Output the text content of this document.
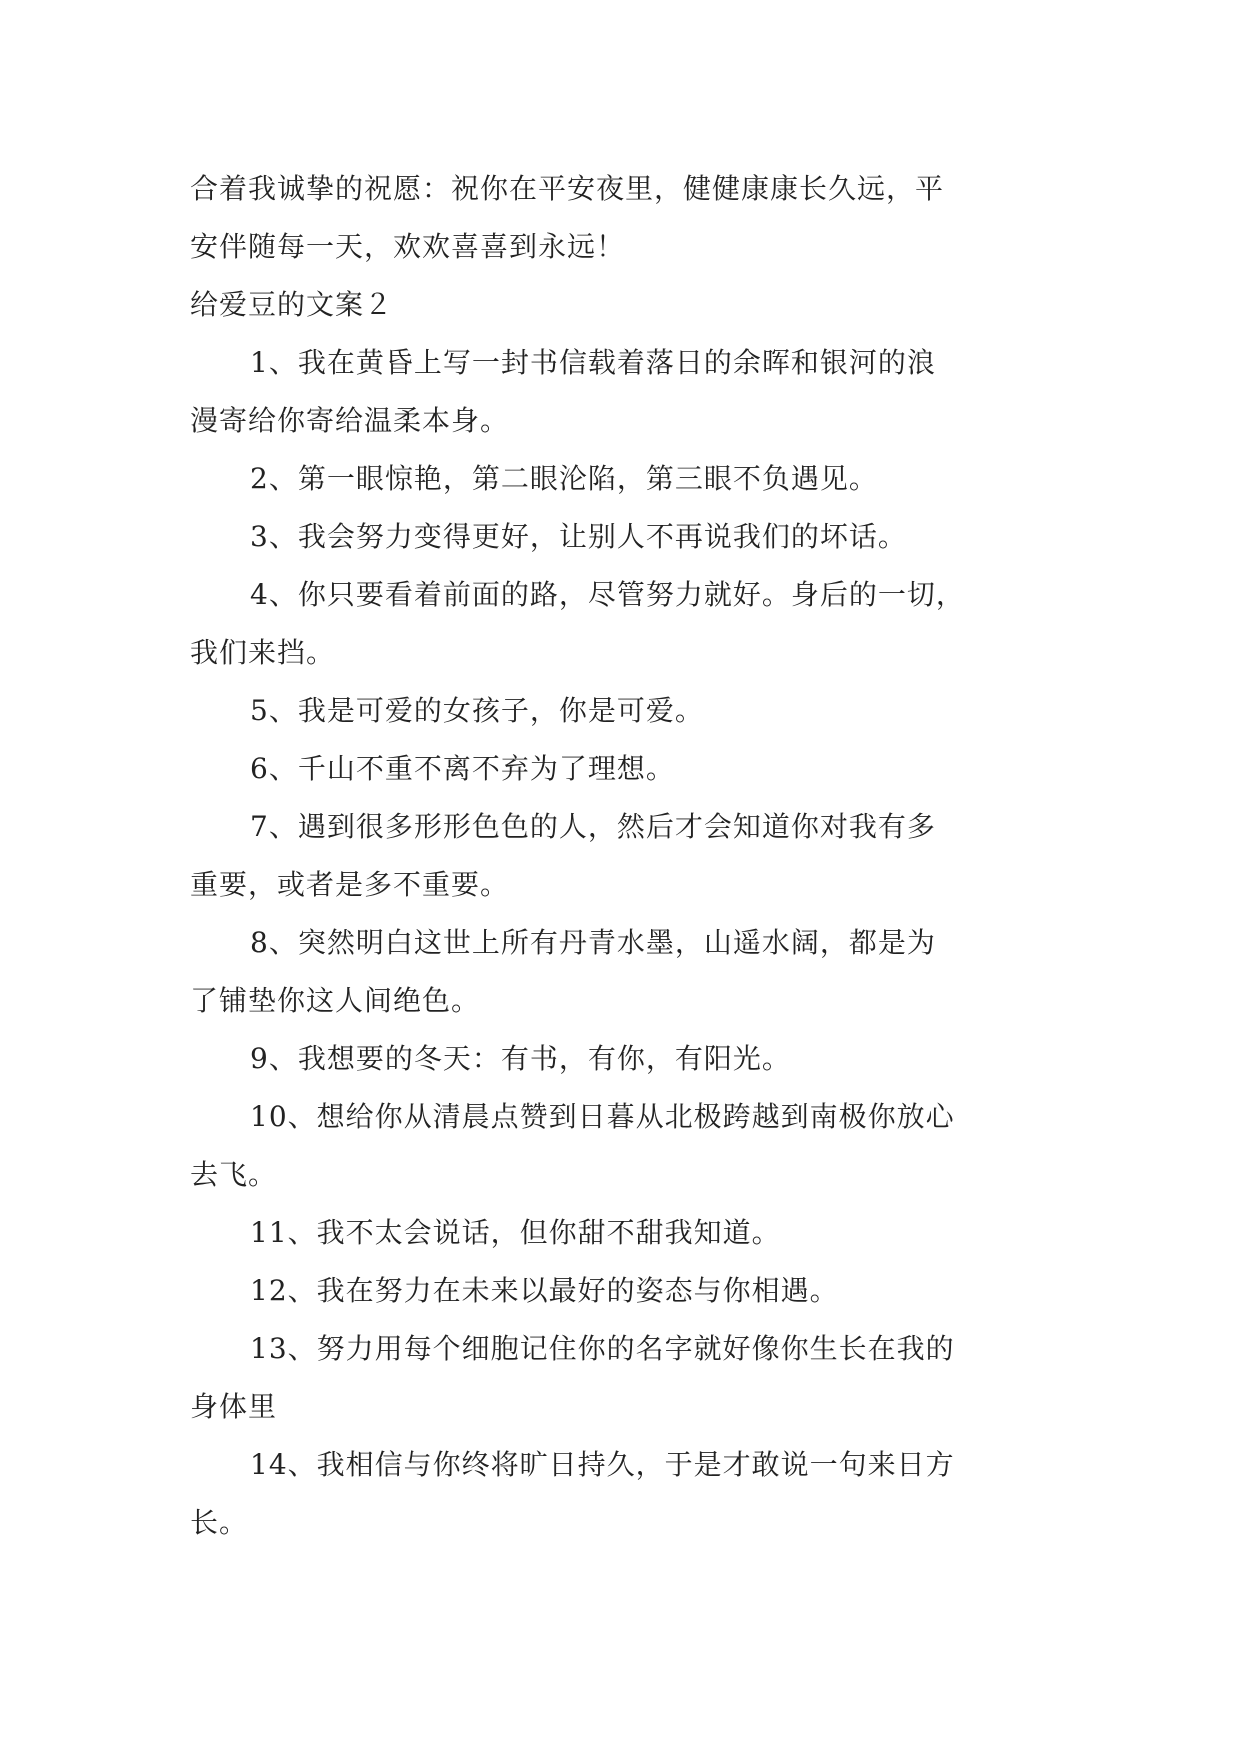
合着我诚挚的祝愿：祝你在平安夜里，健健康康长久远，平
安伴随每一天，欢欢喜喜到永远！
给爱豆的文案２
1、我在黄昏上写一封书信载着落日的余晖和银河的浪
漫寄给你寄给温柔本身。
2、第一眼惊艳，第二眼沦陷，第三眼不负遇见。
3、我会努力变得更好，让别人不再说我们的坏话。
4、你只要看着前面的路，尽管努力就好。身后的一切，
我们来挡。
5、我是可爱的女孩子，你是可爱。
6、千山不重不离不弃为了理想。
7、遇到很多形形色色的人，然后才会知道你对我有多
重要，或者是多不重要。
8、突然明白这世上所有丹青水墨，山遥水阔，都是为
了铺垫你这人间绝色。
9、我想要的冬天：有书，有你，有阳光。
10、想给你从清晨点赞到日暮从北极跨越到南极你放心
去飞。
11、我不太会说话，但你甜不甜我知道。
12、我在努力在未来以最好的姿态与你相遇。
13、努力用每个细胞记住你的名字就好像你生长在我的
身体里
14、我相信与你终将旷日持久，于是才敢说一句来日方
长。
